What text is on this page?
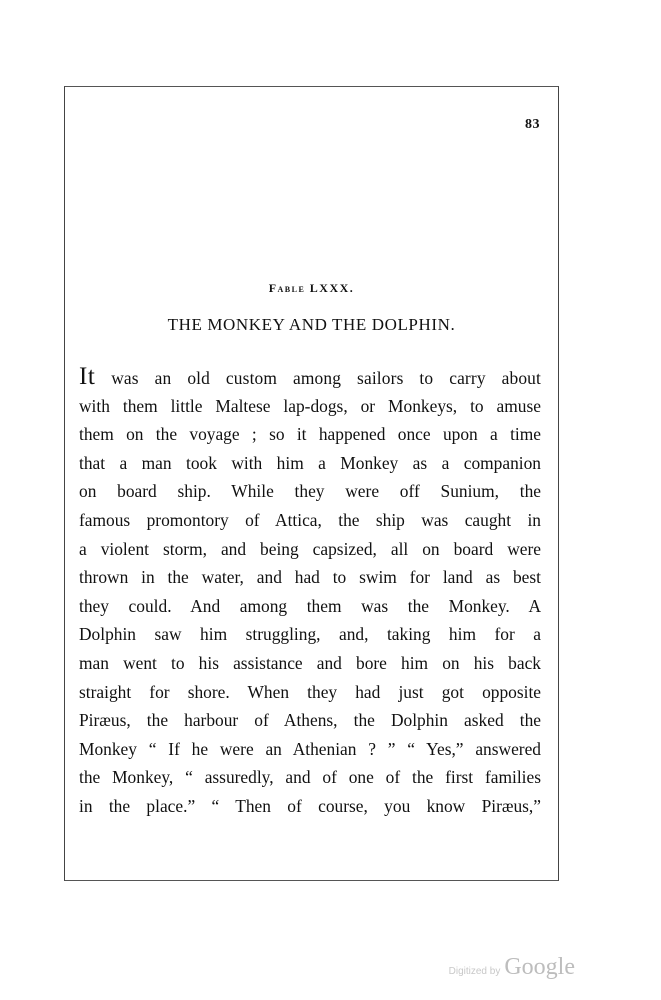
83
Fable LXXX.
THE MONKEY AND THE DOLPHIN.
It was an old custom among sailors to carry about
with them little Maltese lap-dogs, or Monkeys, to amuse
them on the voyage ; so it happened once upon a time
that a man took with him a Monkey as a companion
on board ship. While they were off Sunium, the
famous promontory of Attica, the ship was caught in
a violent storm, and being capsized, all on board were
thrown in the water, and had to swim for land as best
they could. And among them was the Monkey. A
Dolphin saw him struggling, and, taking him for a
man went to his assistance and bore him on his back
straight for shore. When they had just got opposite
Piræus, the harbour of Athens, the Dolphin asked the
Monkey “ If he were an Athenian ? ” “ Yes,” answered
the Monkey, “ assuredly, and of one of the first families
in the place.” “ Then of course, you know Piræus,”
Digitized by Google
